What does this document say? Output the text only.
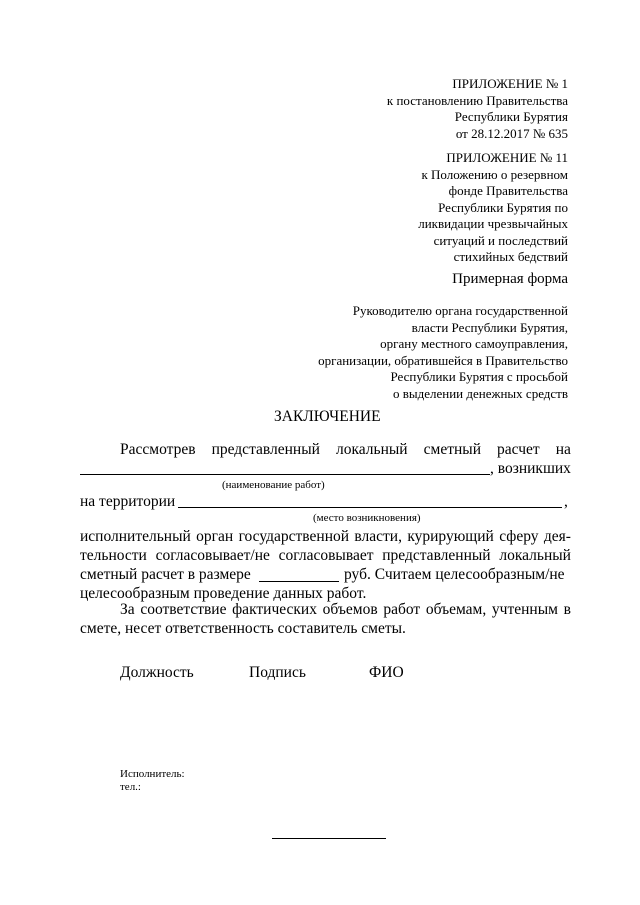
ПРИЛОЖЕНИЕ № 1
к постановлению Правительства
Республики Бурятия
от 28.12.2017 № 635
ПРИЛОЖЕНИЕ № 11
к Положению о резервном
фонде Правительства
Республики Бурятия по
ликвидации чрезвычайных
ситуаций и последствий
стихийных бедствий
Примерная форма
Руководителю органа государственной
власти Республики Бурятия,
органу местного самоуправления,
организации, обратившейся в Правительство
Республики Бурятия с просьбой
о выделении денежных средств
ЗАКЛЮЧЕНИЕ
Рассмотрев представленный локальный сметный расчет на
, возникших
(наименование работ)
на территории	,
(место возникновения)
исполнительный орган государственной власти, курирующий сферу дея-
тельности согласовывает/не согласовывает представленный локальный
сметный расчет в размере	руб. Считаем целесообразным/не
целесообразным проведение данных работ.
За соответствие фактических объемов работ объемам, учтенным в
смете, несет ответственность составитель сметы.
Должность	Подпись	ФИО
Исполнитель:
тел.:
